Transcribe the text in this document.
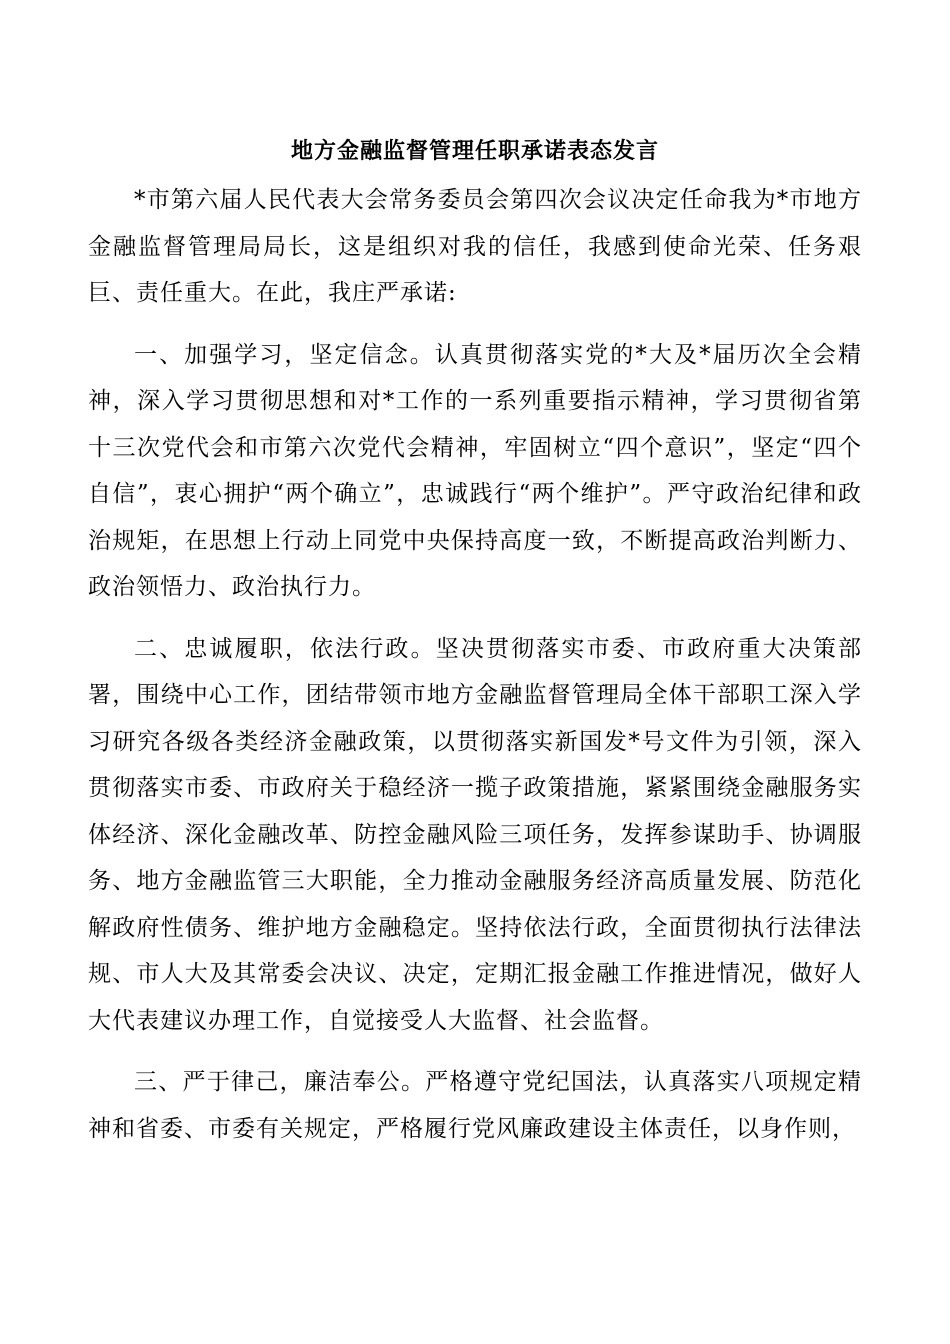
地方金融监督管理任职承诺表态发言

*市第六届人民代表大会常务委员会第四次会议决定任命我为*市地方金融监督管理局局长，这是组织对我的信任，我感到使命光荣、任务艰巨、责任重大。在此，我庄严承诺:

一、加强学习，坚定信念。认真贯彻落实党的*大及*届历次全会精神，深入学习贯彻思想和对*工作的一系列重要指示精神，学习贯彻省第十三次党代会和市第六次党代会精神，牢固树立“四个意识”，坚定“四个自信”，衷心拥护“两个确立”，忠诚践行“两个维护”。严守政治纪律和政治规矩，在思想上行动上同党中央保持高度一致，不断提高政治判断力、政治领悟力、政治执行力。

二、忠诚履职，依法行政。坚决贯彻落实市委、市政府重大决策部署，围绕中心工作，团结带领市地方金融监督管理局全体干部职工深入学习研究各级各类经济金融政策，以贯彻落实新国发*号文件为引领，深入贯彻落实市委、市政府关于稳经济一揽子政策措施，紧紧围绕金融服务实体经济、深化金融改革、防控金融风险三项任务，发挥参谋助手、协调服务、地方金融监管三大职能，全力推动金融服务经济高质量发展、防范化解政府性债务、维护地方金融稳定。坚持依法行政，全面贯彻执行法律法规、市人大及其常委会决议、决定，定期汇报金融工作推进情况，做好人大代表建议办理工作，自觉接受人大监督、社会监督。

三、严于律己，廉洁奉公。严格遵守党纪国法，认真落实八项规定精神和省委、市委有关规定，严格履行党风廉政建设主体责任，以身作则，
